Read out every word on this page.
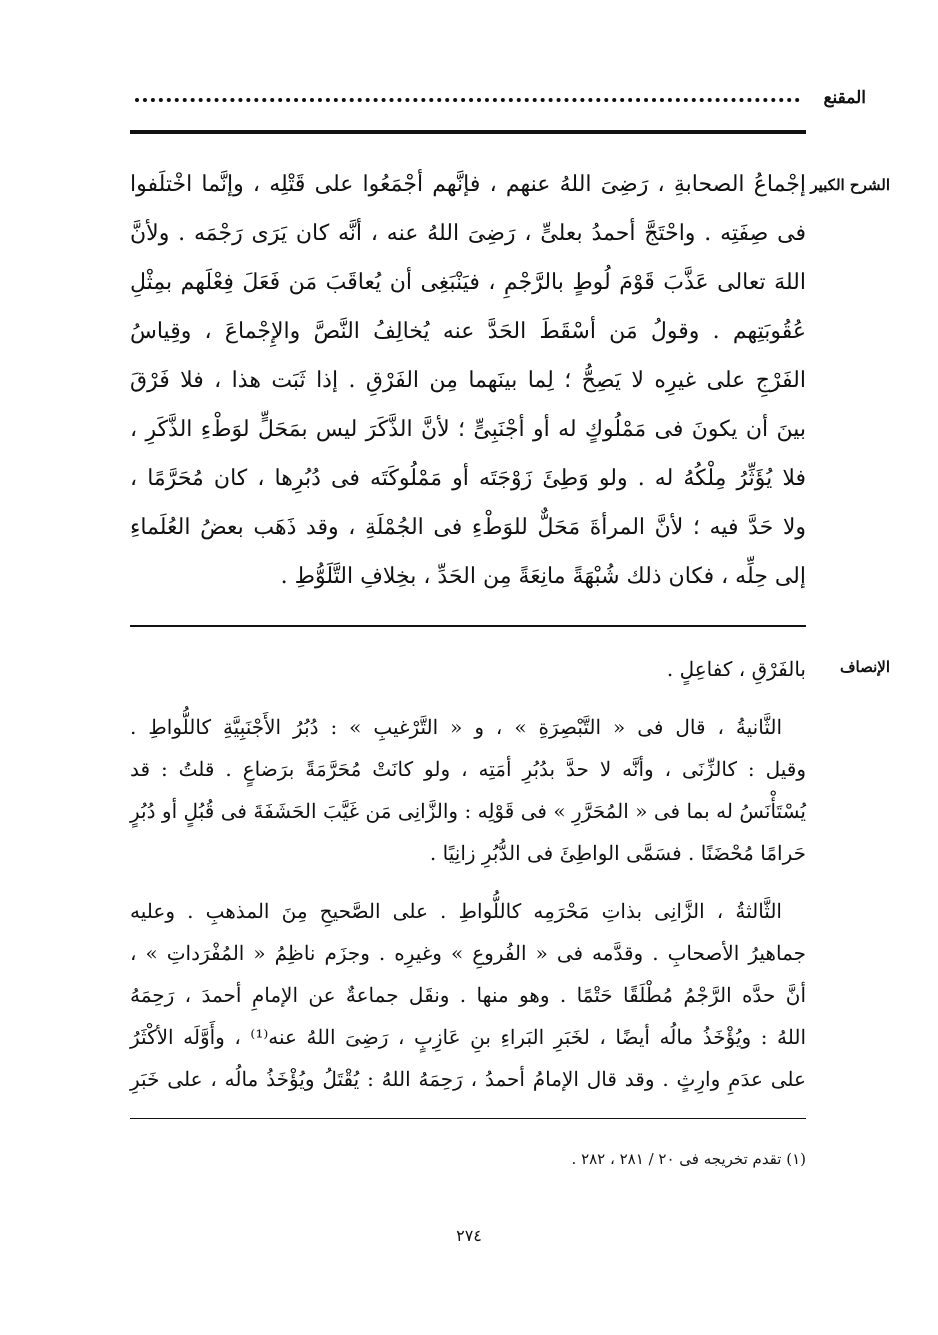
المقنع
الشرح الكبير
إجْماعُ الصحابةِ ، رَضِىَ اللهُ عنهم ، فإنَّهم أجْمَعُوا على قَتْلِه ، وإنَّما اخْتلَفوا
فى صِفَتِه . واحْتَجَّ أحمدُ بعلىٍّ ، رَضِىَ اللهُ عنه ، أنَّه كان يَرَى رَجْمَه . ولأنَّ
اللهَ تعالى عَذَّبَ قَوْمَ لُوطٍ بالرَّجْمِ ، فيَنْبَغِى أن يُعاقَبَ مَن فَعَلَ فِعْلَهم بمِثْلِ
عُقُوبَتِهم . وقولُ مَن أسْقَطَ الحَدَّ عنه يُخالِفُ النَّصَّ والإِجْماعَ ، وقِياسُ
الفَرْجِ على غيرِه لا يَصِحُّ ؛ لِما بينَهما مِن الفَرْقِ . إذا ثَبَت هذا ، فلا فَرْقَ
بينَ أن يكونَ فى مَمْلُوكٍ له أو أجْنَبِىٍّ ؛ لأنَّ الذَّكَرَ ليس بمَحَلٍّ لوَطْءِ الذَّكَرِ ،
فلا يُؤَثِّرُ مِلْكُهُ له . ولو وَطِئَ زَوْجَتَه أو مَمْلُوكَتَه فى دُبُرِها ، كان مُحَرَّمًا ،
ولا حَدَّ فيه ؛ لأنَّ المرأةَ مَحَلٌّ للوَطْءِ فى الجُمْلَةِ ، وقد ذَهَب بعضُ العُلَماءِ
إلى حِلِّه ، فكان ذلك شُبْهَةً مانِعَةً مِن الحَدِّ ، بخِلافِ التَّلَوُّطِ .
الإنصاف
بالفَرْقِ ، كفاعِلٍ .
الثَّانيةُ ، قال فى « التَّبْصِرَةِ » ، و « التَّرْغيبِ » : دُبُرُ الأَجْنَبِيَّةِ كاللُّواطِ .
وقيل : كالزِّنَى ، وأنَّه لا حدَّ بدُبُرِ أمَتِه ، ولو كانَتْ مُحَرَّمَةً برَضاعٍ . قلتُ : قد
يُسْتَأْنَسُ له بما فى « المُحَرَّرِ » فى قَوْلِه : والزَّانِى مَن غَيَّبَ الحَشَفَةَ فى قُبُلٍ أو دُبُرٍ
حَرامًا مُحْضَنًا . فسَمَّى الواطِئَ فى الدُّبُرِ زانِيًا .
الثَّالثةُ ، الزَّانِى بذاتِ مَحْرَمِه كاللُّواطِ . على الصَّحيحِ مِنَ المذهبِ . وعليه
جماهيرُ الأصحابِ . وقدَّمه فى « الفُروعِ » وغيرِه . وجزَم ناظِمُ « المُفْرَداتِ » ،
أنَّ حدَّه الرَّجْمُ مُطْلَقًا حَتْمًا . وهو منها . ونقَل جماعةٌ عن الإمامِ أحمدَ ، رَحِمَهُ
اللهُ : ويُؤْخَذُ مالُه أيضًا ، لخَبَرِ البَراءِ بنِ عَازِبٍ ، رَضِىَ اللهُ عنه⁽¹⁾ ، وأَوَّلَه الأكْثَرُ
على عدَمِ وارِثٍ . وقد قال الإمامُ أحمدُ ، رَحِمَهُ اللهُ : يُقْتَلُ ويُؤْخَذُ مالُه ، على خَبَرِ
(١) تقدم تخريجه فى ٢٠ / ٢٨١ ، ٢٨٢ .
٢٧٤
